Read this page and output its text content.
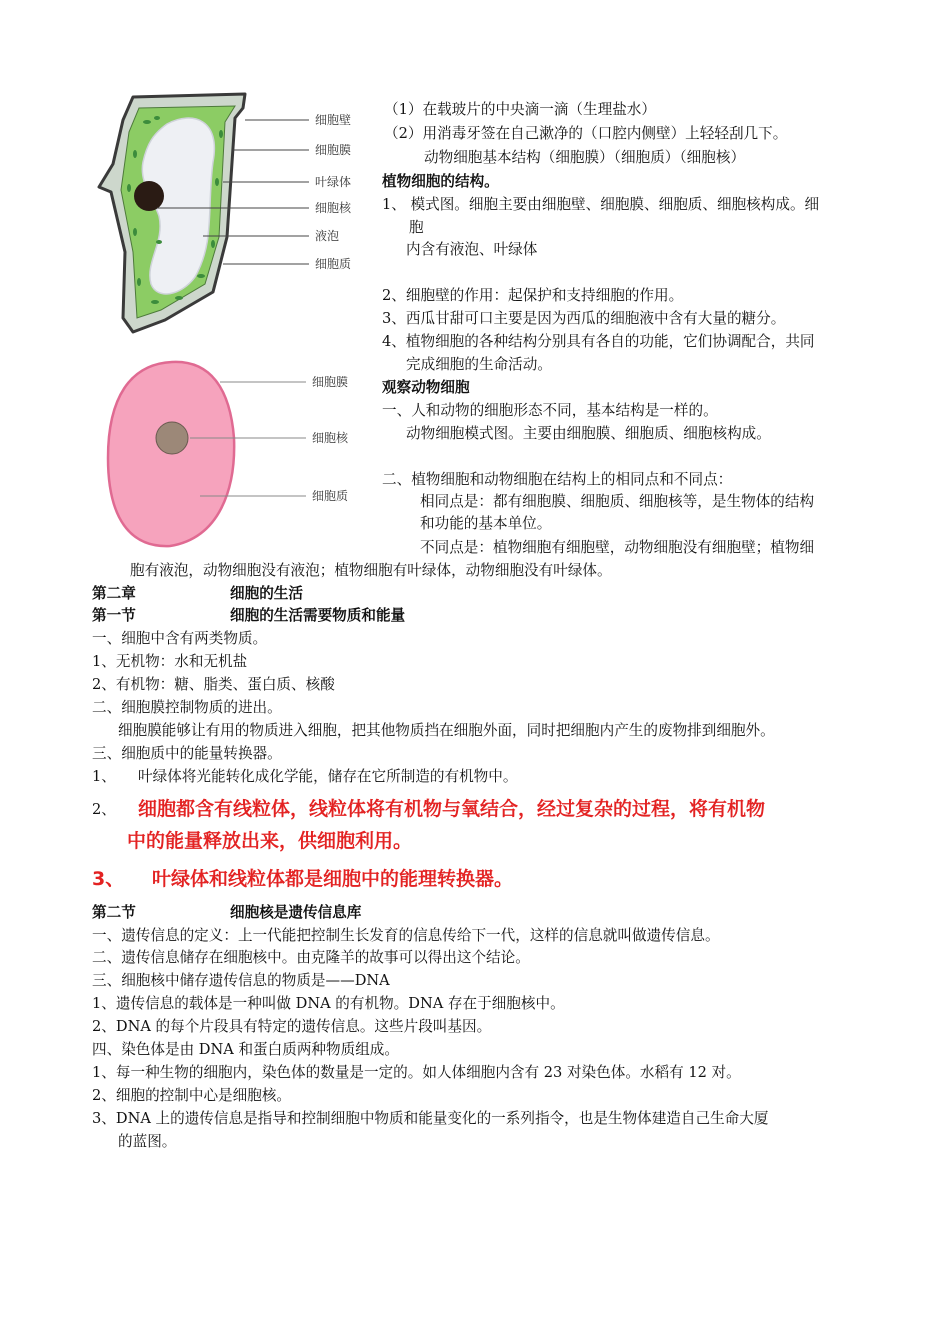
细胞壁
细胞膜
叶绿体
细胞核
液泡
细胞质
细胞膜
细胞核
细胞质
（1）在载玻片的中央滴一滴（生理盐水）
（2）用消毒牙签在自己漱净的（口腔内侧壁）上轻轻刮几下。
动物细胞基本结构（细胞膜）（细胞质）（细胞核）
植物细胞的结构。
1、 模式图。细胞主要由细胞壁、细胞膜、细胞质、细胞核构成。细
胞
内含有液泡、叶绿体
2、细胞壁的作用：起保护和支持细胞的作用。
3、西瓜甘甜可口主要是因为西瓜的细胞液中含有大量的糖分。
4、植物细胞的各种结构分别具有各自的功能，它们协调配合，共同
完成细胞的生命活动。
观察动物细胞
一、人和动物的细胞形态不同，基本结构是一样的。
动物细胞模式图。主要由细胞膜、细胞质、细胞核构成。
二、植物细胞和动物细胞在结构上的相同点和不同点：
相同点是：都有细胞膜、细胞质、细胞核等，是生物体的结构
和功能的基本单位。
不同点是：植物细胞有细胞壁，动物细胞没有细胞壁；植物细
胞有液泡，动物细胞没有液泡；植物细胞有叶绿体，动物细胞没有叶绿体。
第二章	细胞的生活
第一节	细胞的生活需要物质和能量
一、细胞中含有两类物质。
1、无机物：水和无机盐
2、有机物：糖、脂类、蛋白质、核酸
二、细胞膜控制物质的进出。
细胞膜能够让有用的物质进入细胞，把其他物质挡在细胞外面，同时把细胞内产生的废物排到细胞外。
三、细胞质中的能量转换器。
1、 叶绿体将光能转化成化学能，储存在它所制造的有机物中。
2、 细胞都含有线粒体，线粒体将有机物与氧结合，经过复杂的过程，将有机物
中的能量释放出来，供细胞利用。
3、 叶绿体和线粒体都是细胞中的能理转换器。
第二节	细胞核是遗传信息库
一、遗传信息的定义：上一代能把控制生长发育的信息传给下一代，这样的信息就叫做遗传信息。
二、遗传信息储存在细胞核中。由克隆羊的故事可以得出这个结论。
三、细胞核中储存遗传信息的物质是——DNA
1、遗传信息的载体是一种叫做 DNA 的有机物。DNA 存在于细胞核中。
2、DNA 的每个片段具有特定的遗传信息。这些片段叫基因。
四、染色体是由 DNA 和蛋白质两种物质组成。
1、每一种生物的细胞内，染色体的数量是一定的。如人体细胞内含有 23 对染色体。水稻有 12 对。
2、细胞的控制中心是细胞核。
3、DNA 上的遗传信息是指导和控制细胞中物质和能量变化的一系列指令，也是生物体建造自己生命大厦
的蓝图。
